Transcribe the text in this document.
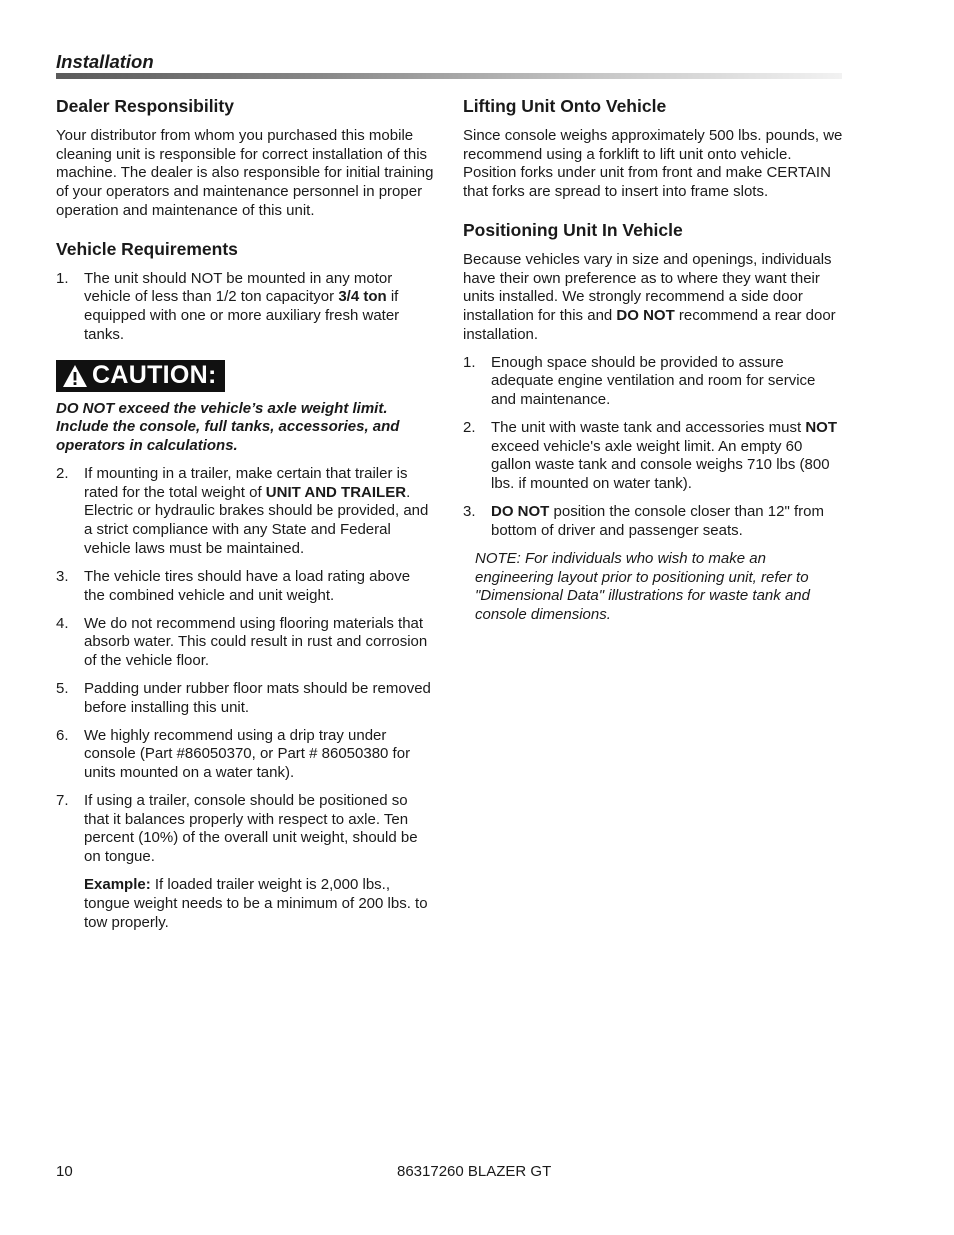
Installation
Dealer Responsibility

Your distributor from whom you purchased this mobile cleaning unit is responsible for correct installation of this machine. The dealer is also responsible for initial training of your operators and maintenance personnel in proper operation and maintenance of this unit.

Vehicle Requirements
1. The unit should NOT be mounted in any motor vehicle of less than 1/2 ton capacityor 3/4 ton if equipped with one or more auxiliary fresh water tanks.
CAUTION:
DO NOT exceed the vehicle’s axle weight limit. Include the console, full tanks, accessories, and operators in calculations.
2. If mounting in a trailer, make certain that trailer is rated for the total weight of UNIT AND TRAILER. Electric or hydraulic brakes should be provided, and a strict compliance with any State and Federal vehicle laws must be maintained.
3. The vehicle tires should have a load rating above the combined vehicle and unit weight.
4. We do not recommend using flooring materials that absorb water. This could result in rust and corrosion of the vehicle floor.
5. Padding under rubber floor mats should be removed before installing this unit.
6. We highly recommend using a drip tray under console (Part #86050370, or Part # 86050380 for units mounted on a water tank).
7. If using a trailer, console should be positioned so that it balances properly with respect to axle. Ten percent (10%) of the overall unit weight, should be on tongue.
Example: If loaded trailer weight is 2,000 lbs., tongue weight needs to be a minimum of 200 lbs. to tow properly.
Lifting Unit Onto Vehicle

Since console weighs approximately 500 lbs. pounds, we recommend using a forklift to lift unit onto vehicle. Position forks under unit from front and make CERTAIN that forks are spread to insert into frame slots.

Positioning Unit In Vehicle

Because vehicles vary in size and openings, individuals have their own preference as to where they want their units installed. We strongly recommend a side door installation for this and DO NOT recommend a rear door installation.

1. Enough space should be provided to assure adequate engine ventilation and room for service and maintenance.
2. The unit with waste tank and accessories must NOT exceed vehicle's axle weight limit. An empty 60 gallon waste tank and console weighs 710 lbs (800 lbs. if mounted on water tank).
3. DO NOT position the console closer than 12" from bottom of driver and passenger seats.
NOTE: For individuals who wish to make an engineering layout prior to positioning unit, refer to "Dimensional Data" illustrations for waste tank and console dimensions.
10	86317260 BLAZER GT
